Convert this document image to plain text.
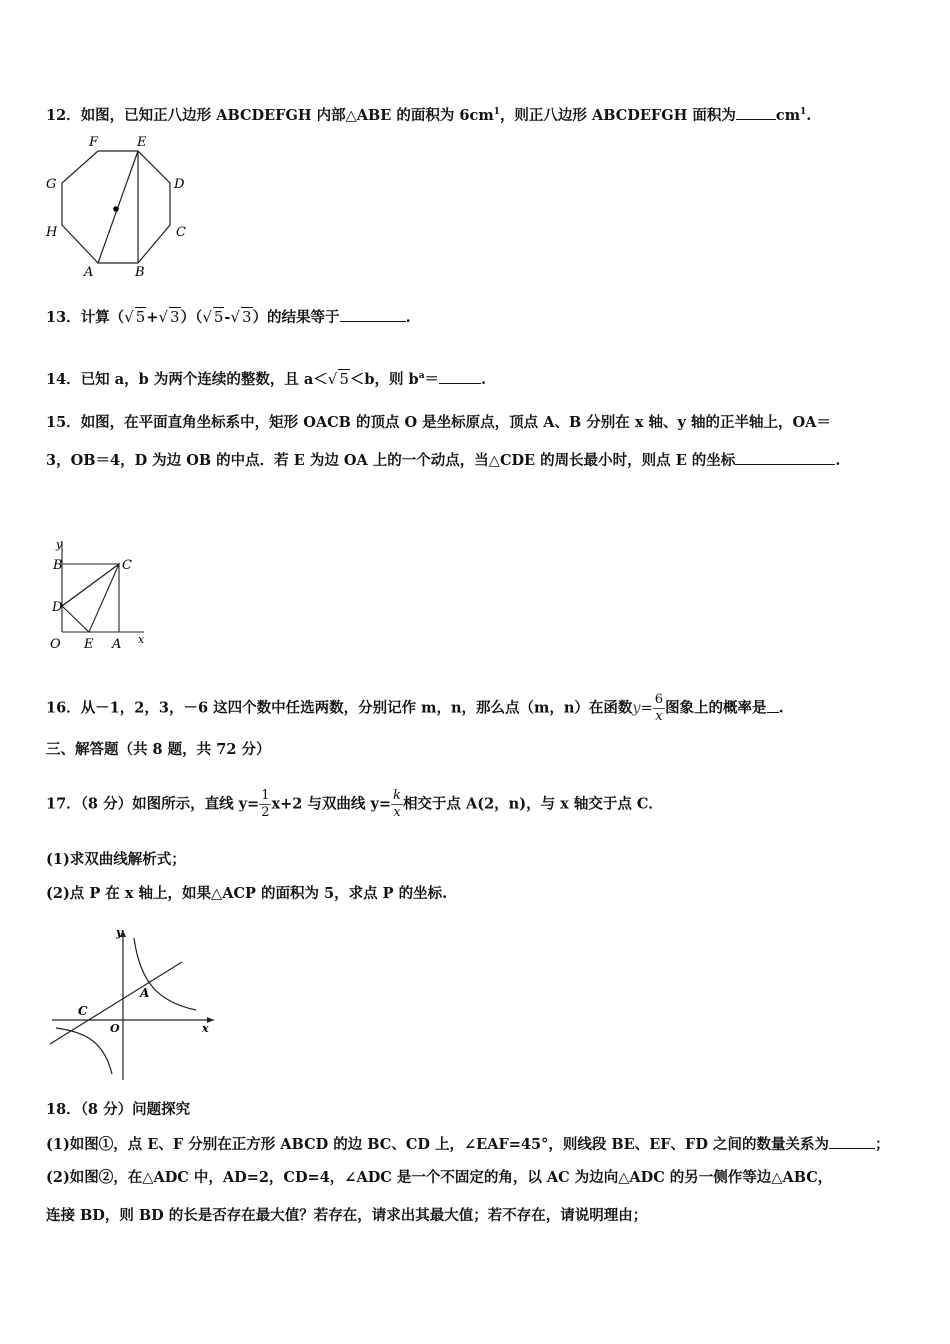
12．如图，已知正八边形 ABCDEFGH 内部△ABE 的面积为 $6cm^1$，则正八边形 ABCDEFGH 面积为	$cm^1$.
F	E
G	D
H	C
A	B
13．计算（√ 5+√ 3）（√ 5-√ 3）的结果等于	.
14．已知 a，b 为两个连续的整数，且 a＜√ 5＜b，则 $b^a=$	.
15．如图，在平面直角坐标系中，矩形 OACB 的顶点 O 是坐标原点，顶点 A、B 分别在 x 轴、y 轴的正半轴上，OA＝
3，OB＝4，D 为边 OB 的中点．若 E 为边 OA 上的一个动点，当△CDE 的周长最小时，则点 E 的坐标	.
y
B	C
D
O E A x
16．从－1，2，3，－6 这四个数中任选两数，分别记作 m，n，那么点（m，n）在函数$y= \frac{6}{x}$ 图象上的概率是 .
三、解答题（共 8 题，共 72 分）
17．（8 分）如图所示，直线 $y= \frac{1}{2} x+2$ 与双曲线 $y= \frac{k}{x}$ 相交于点 A(2，n)，与 x 轴交于点 C．
(1)求双曲线解析式；
(2)点 P 在 x 轴上，如果△ACP 的面积为 5，求点 P 的坐标.
y
A
C
O	x
18．（8 分）问题探究
(1)如图①，点 E、F 分别在正方形 ABCD 的边 BC、CD 上，∠EAF=45°，则线段 BE、EF、FD 之间的数量关系为	；
(2)如图②，在△ADC 中，AD=2，CD=4，∠ADC 是一个不固定的角，以 AC 为边向△ADC 的另一侧作等边△ABC，
连接 BD，则 BD 的长是否存在最大值？若存在，请求出其最大值；若不存在，请说明理由；
